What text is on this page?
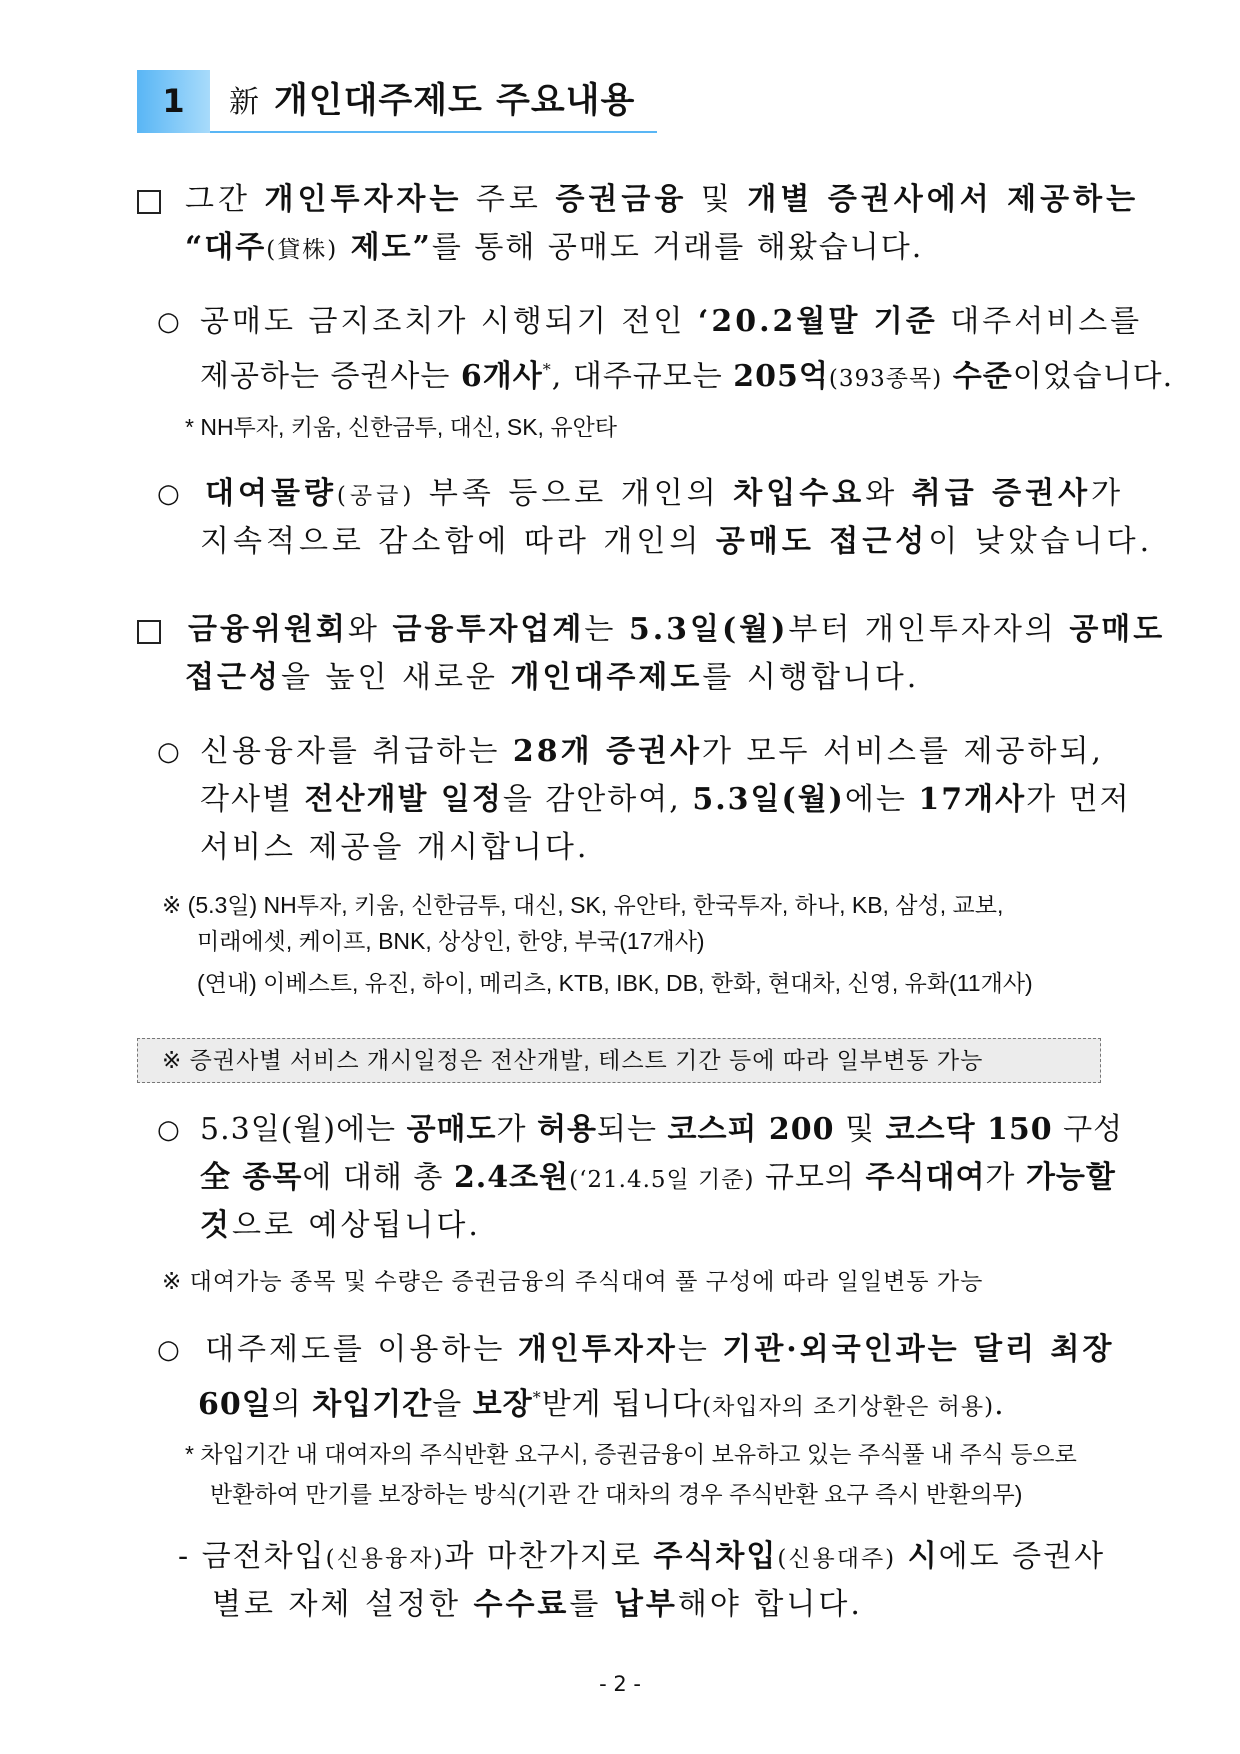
1	新 개인대주제도 주요내용
그간 개인투자자는 주로 증권금융 및 개별 증권사에서 제공하는
“대주(貸株) 제도”를 통해 공매도 거래를 해왔습니다.
○ 공매도 금지조치가 시행되기 전인 ‘20.2월말 기준 대주서비스를
제공하는 증권사는 6개사*, 대주규모는 205억(393종목) 수준이었습니다.
* NH투자, 키움, 신한금투, 대신, SK, 유안타
○ 대여물량(공급) 부족 등으로 개인의 차입수요와 취급 증권사가
지속적으로 감소함에 따라 개인의 공매도 접근성이 낮았습니다.
금융위원회와 금융투자업계는 5.3일(월)부터 개인투자자의 공매도
접근성을 높인 새로운 개인대주제도를 시행합니다.
○ 신용융자를 취급하는 28개 증권사가 모두 서비스를 제공하되,
각사별 전산개발 일정을 감안하여, 5.3일(월)에는 17개사가 먼저
서비스 제공을 개시합니다.
※ (5.3일) NH투자, 키움, 신한금투, 대신, SK, 유안타, 한국투자, 하나, KB, 삼성, 교보,
미래에셋, 케이프, BNK, 상상인, 한양, 부국(17개사)
(연내) 이베스트, 유진, 하이, 메리츠, KTB, IBK, DB, 한화, 현대차, 신영, 유화(11개사)
※ 증권사별 서비스 개시일정은 전산개발, 테스트 기간 등에 따라 일부변동 가능
○ 5.3일(월)에는 공매도가 허용되는 코스피 200 및 코스닥 150 구성
全 종목에 대해 총 2.4조원(‘21.4.5일 기준) 규모의 주식대여가 가능할
것으로 예상됩니다.
※ 대여가능 종목 및 수량은 증권금융의 주식대여 풀 구성에 따라 일일변동 가능
○ 대주제도를 이용하는 개인투자자는 기관·외국인과는 달리 최장
60일의 차입기간을 보장*받게 됩니다(차입자의 조기상환은 허용).
* 차입기간 내 대여자의 주식반환 요구시, 증권금융이 보유하고 있는 주식풀 내 주식 등으로
반환하여 만기를 보장하는 방식(기관 간 대차의 경우 주식반환 요구 즉시 반환의무)
- 금전차입(신용융자)과 마찬가지로 주식차입(신용대주) 시에도 증권사
별로 자체 설정한 수수료를 납부해야 합니다.
- 2 -
